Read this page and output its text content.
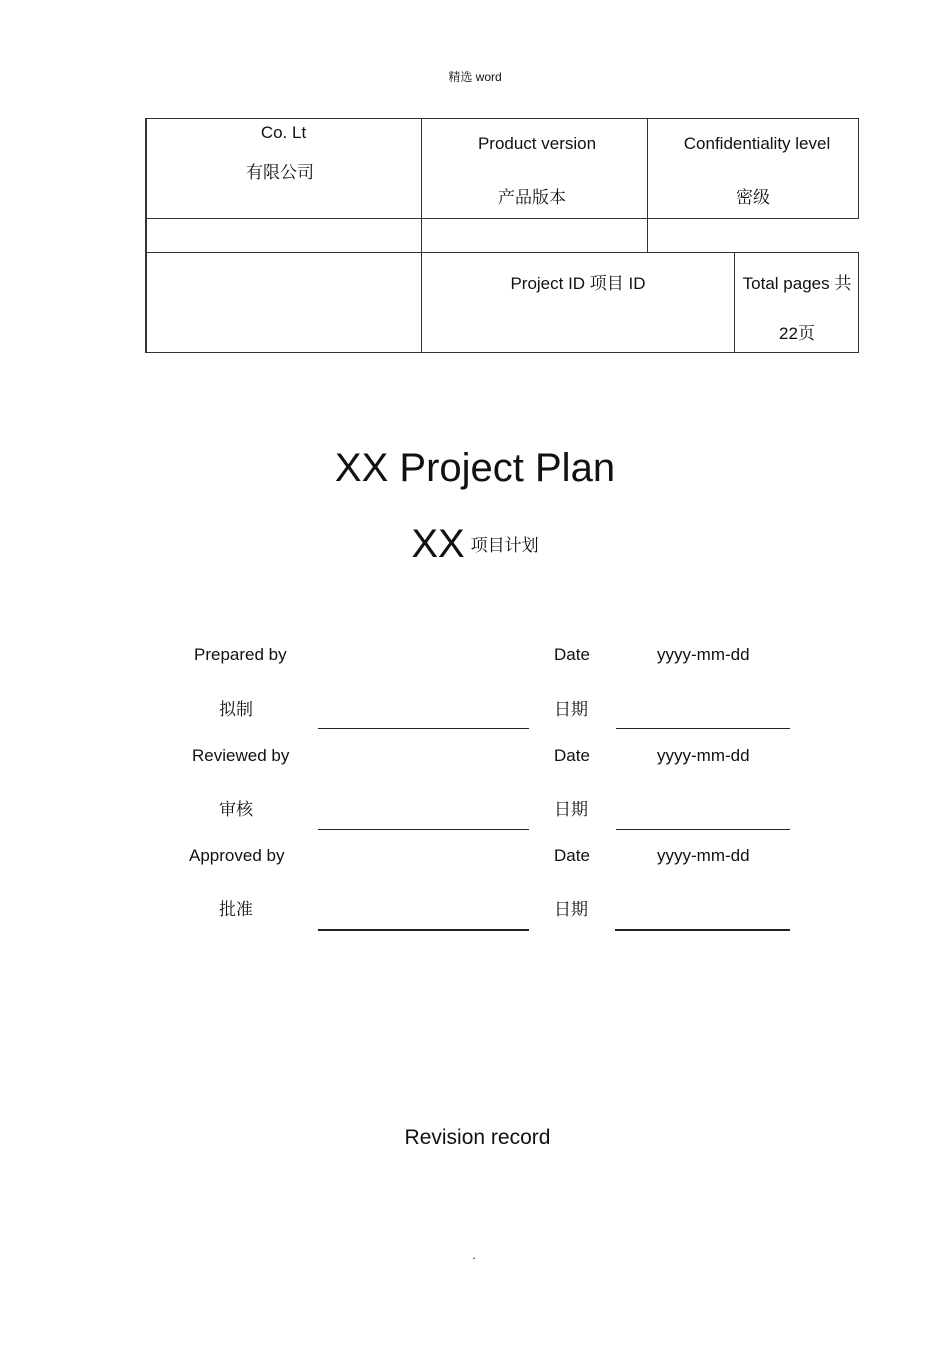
精选 word
Co. Lt
有限公司
Product version
产品版本
Confidentiality level
密级
Project ID 项目 ID	Total pages 共
22页
XX Project Plan
XX 项目计划
Prepared by
拟制
Date
日期
yyyy-mm-dd
Reviewed by
审核
Date
日期
yyyy-mm-dd
Approved by
批准
Date
日期
yyyy-mm-dd
Revision record
.
